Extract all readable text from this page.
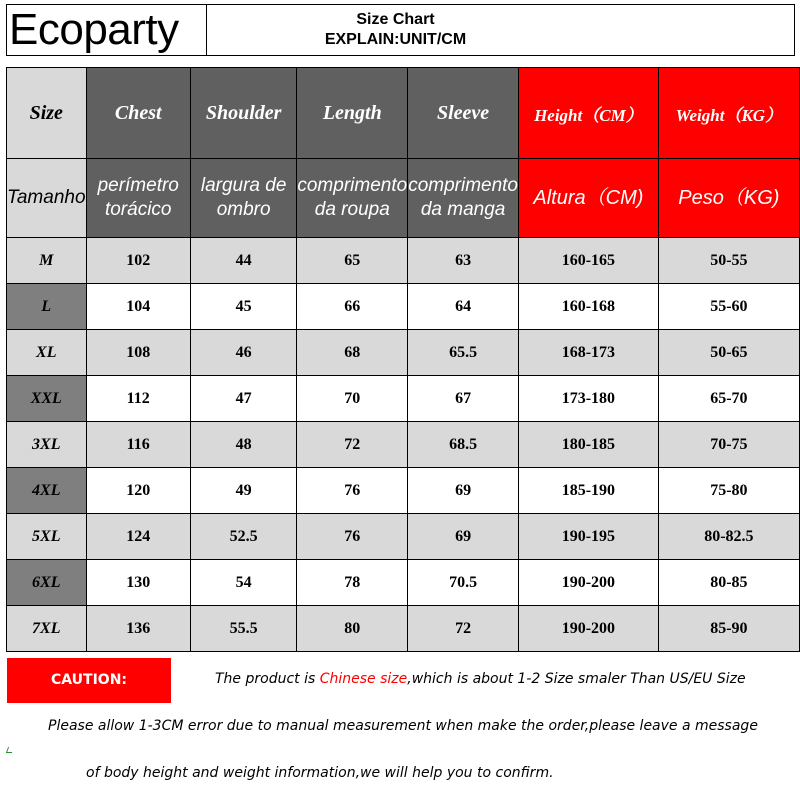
Ecoparty	Size Chart
EXPLAIN:UNIT/CM
Size	Chest	Shoulder	Length	Sleeve	Height（CM）	Weight（KG）
Tamanho	perímetro torácico	largura de ombro	comprimento da roupa	comprimento da manga	Altura（CM)	Peso（KG)
M	102	44	65	63	160-165	50-55
L	104	45	66	64	160-168	55-60
XL	108	46	68	65.5	168-173	50-65
XXL	112	47	70	67	173-180	65-70
3XL	116	48	72	68.5	180-185	70-75
4XL	120	49	76	69	185-190	75-80
5XL	124	52.5	76	69	190-195	80-82.5
6XL	130	54	78	70.5	190-200	80-85
7XL	136	55.5	80	72	190-200	85-90
CAUTION:	The product is Chinese size,which is about 1-2 Size smaler Than US/EU Size
Please allow 1-3CM error due to manual measurement when make the order,please leave a message
of body height and weight information,we will help you to confirm.
